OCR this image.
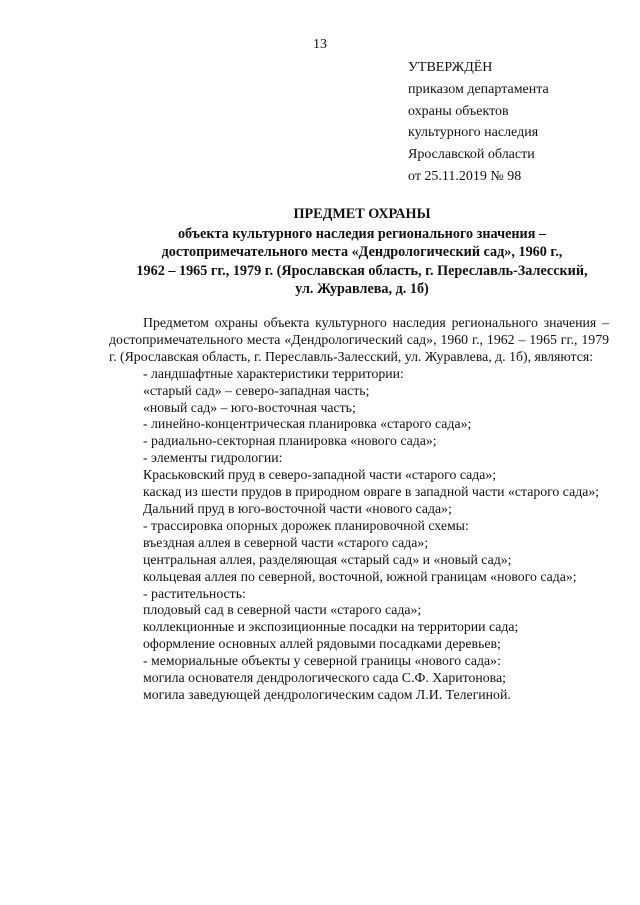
13
УТВЕРЖДЁН
приказом департамента
охраны объектов
культурного наследия
Ярославской области
от 25.11.2019 № 98
ПРЕДМЕТ ОХРАНЫ
объекта культурного наследия регионального значения –
достопримечательного места «Дендрологический сад», 1960 г.,
1962 – 1965 гг., 1979 г. (Ярославская область, г. Переславль-Залесский,
ул. Журавлева, д. 1б)

Предметом охраны объекта культурного наследия регионального значения – достопримечательного места «Дендрологический сад», 1960 г., 1962 – 1965 гг., 1979 г. (Ярославская область, г. Переславль-Залесский, ул. Журавлева, д. 1б), являются:

- ландшафтные характеристики территории:

«старый сад» – северо-западная часть;

«новый сад» – юго-восточная часть;

- линейно-концентрическая планировка «старого сада»;

- радиально-секторная планировка «нового сада»;

- элементы гидрологии:

Краськовский пруд в северо-западной части «старого сада»;

каскад из шести прудов в природном овраге в западной части «старого сада»;

Дальний пруд в юго-восточной части «нового сада»;

- трассировка опорных дорожек планировочной схемы:

въездная аллея в северной части «старого сада»;

центральная аллея, разделяющая «старый сад» и «новый сад»;

кольцевая аллея по северной, восточной, южной границам «нового сада»;

- растительность:

плодовый сад в северной части «старого сада»;

коллекционные и экспозиционные посадки на территории сада;

оформление основных аллей рядовыми посадками деревьев;

- мемориальные объекты у северной границы «нового сада»:

могила основателя дендрологического сада С.Ф. Харитонова;

могила заведующей дендрологическим садом Л.И. Телегиной.
